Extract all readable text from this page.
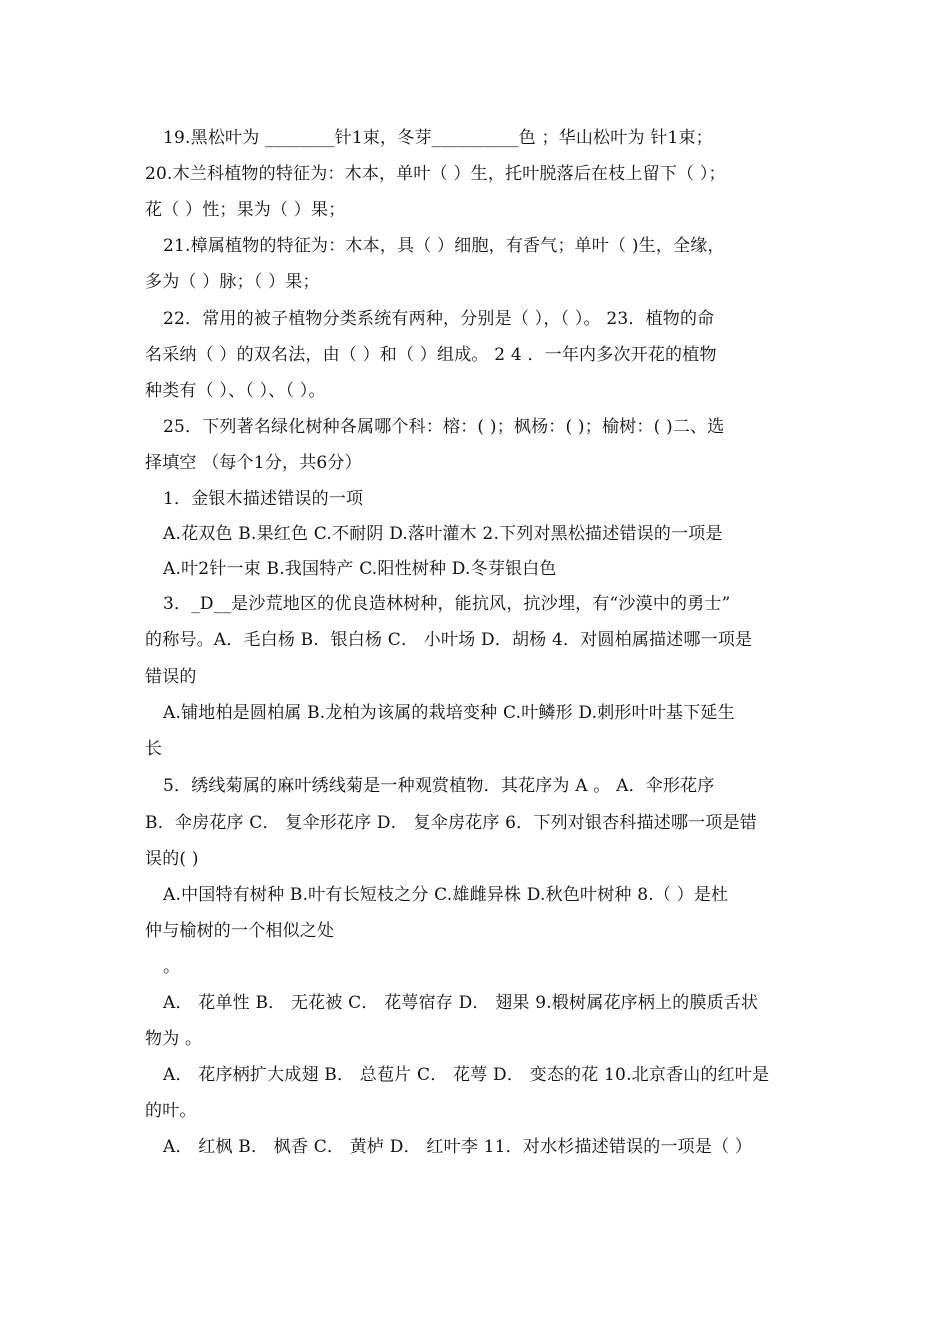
19.黑松叶为 ________针1束，冬芽__________色 ；华山松叶为 针1束；
20.木兰科植物的特征为：木本，单叶（ ）生，托叶脱落后在枝上留下（ ）；
花（ ）性；果为（ ）果；
21.樟属植物的特征为：木本，具（ ）细胞，有香气；单叶（ )生，全缘，
多为（ ）脉；（ ）果；
22．常用的被子植物分类系统有两种，分别是（ ），（ ）。 23．植物的命
名采纳（ ）的双名法，由（ ）和（ ）组成。 2 4 ．一年内多次开花的植物
种类有（ ）、（ ）、（ ）。
25．下列著名绿化树种各属哪个科：榕：( )；枫杨：( )；榆树：( )二、选
择填空 （每个1分，共6分）
1．金银木描述错误的一项
A.花双色 B.果红色 C.不耐阴 D.落叶灌木 2.下列对黑松描述错误的一项是
A.叶2针一束 B.我国特产 C.阳性树种 D.冬芽银白色
3．_D__是沙荒地区的优良造林树种，能抗风，抗沙埋，有“沙漠中的勇士”
的称号。A．毛白杨 B．银白杨 C． 小叶场 D．胡杨 4．对圆柏属描述哪一项是
错误的
A.铺地柏是圆柏属 B.龙柏为该属的栽培变种 C.叶鳞形 D.刺形叶叶基下延生
长
5．绣线菊属的麻叶绣线菊是一种观赏植物．其花序为 A 。 A．伞形花序
B．伞房花序 C． 复伞形花序 D． 复伞房花序 6．下列对银杏科描述哪一项是错
误的( )
A.中国特有树种 B.叶有长短枝之分 C.雄雌异株 D.秋色叶树种 8.（ ）是杜
仲与榆树的一个相似之处
。
A． 花单性 B． 无花被 C． 花萼宿存 D． 翅果 9.椴树属花序柄上的膜质舌状
物为 。
A． 花序柄扩大成翅 B． 总苞片 C． 花萼 D． 变态的花 10.北京香山的红叶是
的叶。
A． 红枫 B． 枫香 C． 黄栌 D． 红叶李 11．对水杉描述错误的一项是（ ）
